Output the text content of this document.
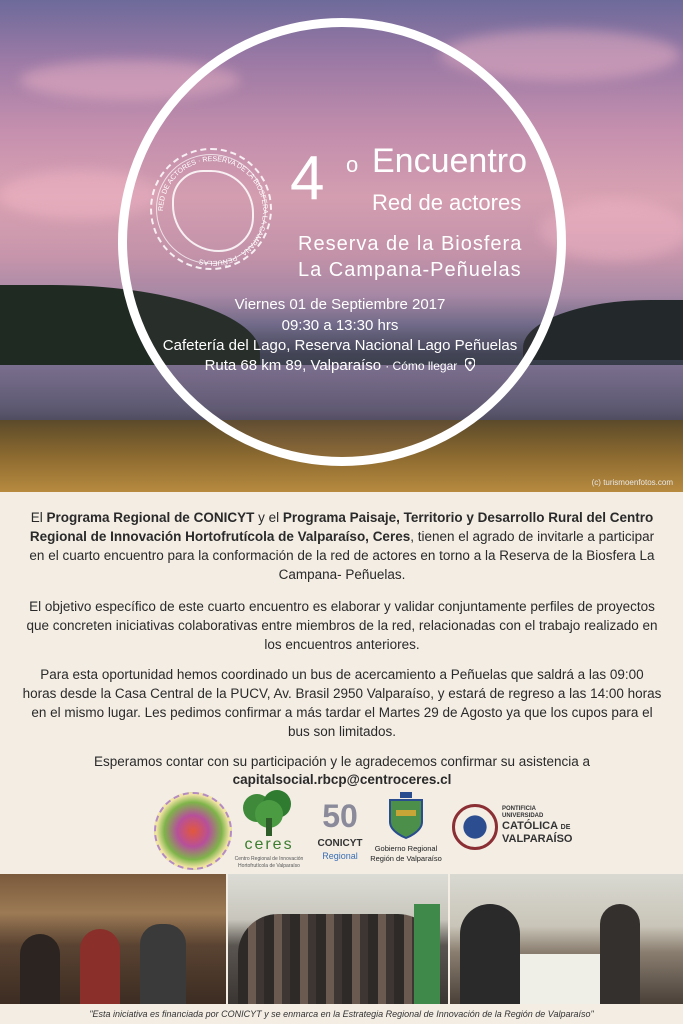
RED DE ACTORES · RESERVA DE LA BIOSFERA LA CAMPANA · PEÑUELAS
4 o Encuentro
Red de actores
Reserva de la Biosfera
La Campana-Peñuelas
Viernes 01 de Septiembre 2017
09:30 a 13:30 hrs
Cafetería del Lago, Reserva Nacional Lago Peñuelas
Ruta 68 km 89, Valparaíso · Cómo llegar
(c) turismoenfotos.com
El Programa Regional de CONICYT y el Programa Paisaje, Territorio y Desarrollo Rural del Centro Regional de Innovación Hortofrutícola de Valparaíso, Ceres, tienen el agrado de invitarle a participar en el cuarto encuentro para la conformación de la red de actores en torno a la Reserva de la Biosfera La Campana- Peñuelas.
El objetivo específico de este cuarto encuentro es elaborar y validar conjuntamente perfiles de proyectos que concreten iniciativas colaborativas entre miembros de la red, relacionadas con el trabajo realizado en los encuentros anteriores.
Para esta oportunidad hemos coordinado un bus de acercamiento a Peñuelas que saldrá a las 09:00 horas desde la Casa Central de la PUCV, Av. Brasil 2950 Valparaíso, y estará de regreso a las 14:00 horas en el mismo lugar. Les pedimos confirmar a más tardar el Martes 29 de Agosto ya que los cupos para el bus son limitados.
Esperamos contar con su participación y le agradecemos confirmar su asistencia a
capitalsocial.rbcp@centroceres.cl
ceres
Centro Regional de Innovación
Hortofrutícola de Valparaíso
50
CONICYT
Regional
Gobierno Regional
Región de Valparaíso
PONTIFICIA
UNIVERSIDAD
CATÓLICA DE
VALPARAÍSO
"Esta iniciativa es financiada por CONICYT y se enmarca en la Estrategia Regional de Innovación de la Región de Valparaíso"
